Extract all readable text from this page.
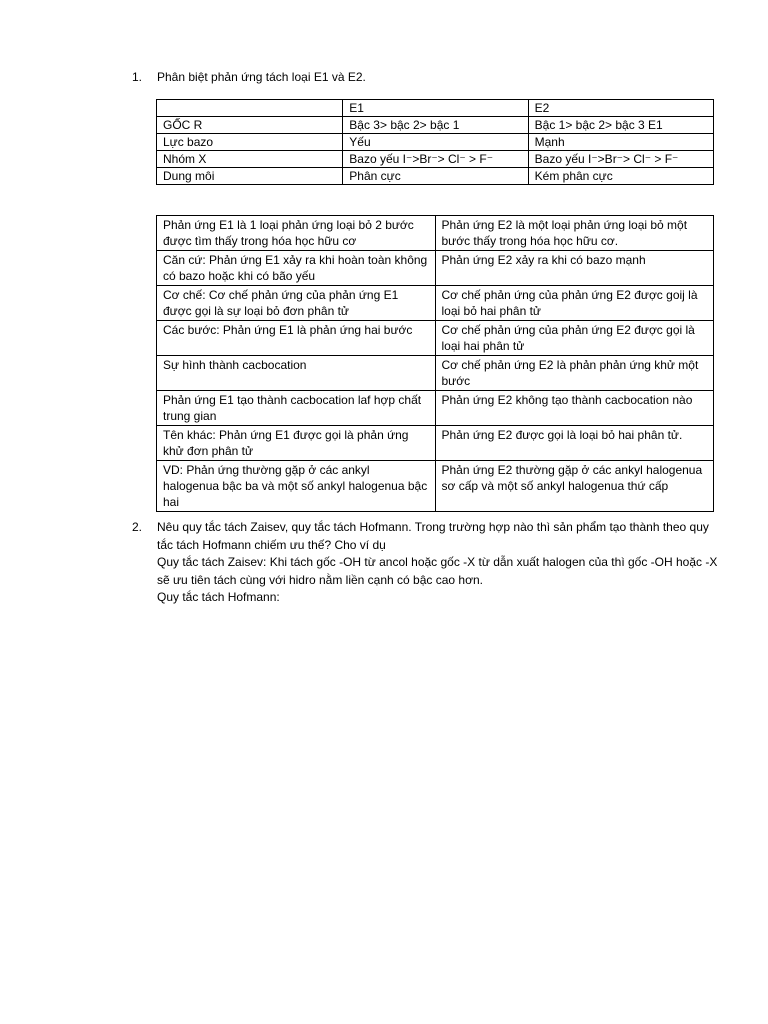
1. Phân biệt phản ứng tách loại E1 và E2.
	E1	E2
GỐC R	Bậc 3> bậc 2> bậc 1	Bậc 1> bậc 2> bậc 3 E1
Lực bazo	Yếu	Mạnh
Nhóm X	Bazo yếu I⁻>Br⁻> Cl⁻ > F⁻	Bazo yếu I⁻>Br⁻> Cl⁻ > F⁻
Dung môi	Phân cực	Kém phân cực
Phản ứng E1 là 1 loại phản ứng loại bỏ 2 bước được tìm thấy trong hóa học hữu cơ	Phản ứng E2 là một loại phản ứng loại bỏ một bước thấy trong hóa học hữu cơ.
Căn cứ: Phản ứng E1 xảy ra khi hoàn toàn không có bazo hoặc khi có bão yếu	Phản ứng E2 xảy ra khi có bazo mạnh
Cơ chế: Cơ chế phản ứng của phản ứng E1 được gọi là sự loại bỏ đơn phân tử	Cơ chế phản ứng của phản ứng E2 được goij là loại bỏ hai phân tử
Các bước: Phản ứng E1 là phản ứng hai bước	Cơ chế phản ứng của phản ứng E2 được gọi là loại hai phân tử
Sự hình thành cacbocation	Cơ chế phản ứng E2 là phản phản ứng khử một bước
Phản ứng E1 tạo thành cacbocation laf hợp chất trung gian	Phản ứng E2 không tạo thành cacbocation nào
Tên khác: Phản ứng E1 được gọi là phản ứng khử đơn phân tử	Phản ứng E2 được gọi là loại bỏ hai phân tử.
VD: Phản ứng thường gặp ở các ankyl halogenua bậc ba và một số ankyl halogenua bậc hai	Phản ứng E2 thường gặp ở các ankyl halogenua sơ cấp và một số ankyl halogenua thứ cấp
2. Nêu quy tắc tách Zaisev, quy tắc tách Hofmann. Trong trường hợp nào thì sản phẩm tạo thành theo quy tắc tách Hofmann chiếm ưu thế? Cho ví dụ
Quy tắc tách Zaisev: Khi tách gốc -OH từ ancol hoặc gốc -X từ dẫn xuất halogen của thì gốc -OH hoặc -X sẽ ưu tiên tách cùng với hidro nằm liền cạnh có bậc cao hơn.
Quy tắc tách Hofmann:
